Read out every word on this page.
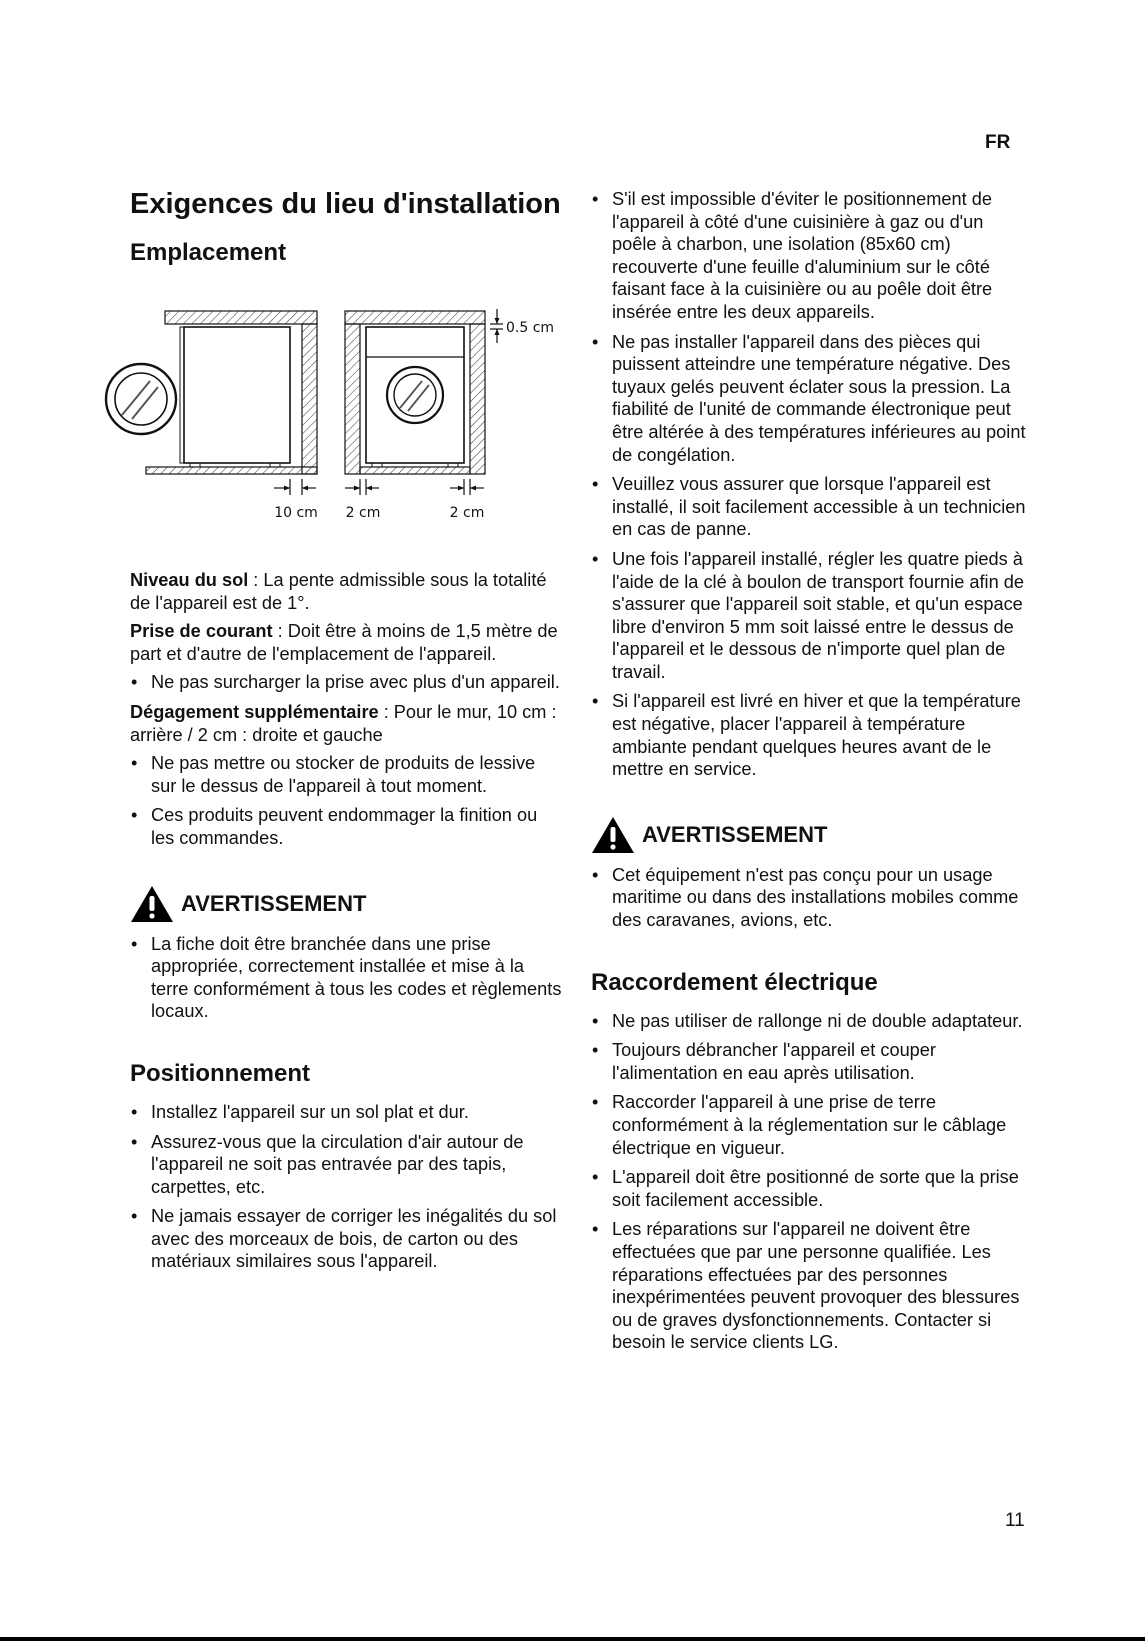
FR
Exigences du lieu d'installation
Emplacement
0.5 cm
10 cm 2 cm	2 cm

Niveau du sol : La pente admissible sous la totalité de l'appareil est de 1°.

Prise de courant : Doit être à moins de 1,5 mètre de part et d'autre de l'emplacement de l'appareil.

• Ne pas surcharger la prise avec plus d'un appareil.

Dégagement supplémentaire : Pour le mur, 10 cm : arrière / 2 cm : droite et gauche

• Ne pas mettre ou stocker de produits de lessive sur le dessus de l'appareil à tout moment.
• Ces produits peuvent endommager la finition ou les commandes.
AVERTISSEMENT
• La fiche doit être branchée dans une prise appropriée, correctement installée et mise à la terre conformément à tous les codes et règlements locaux.
Positionnement
• Installez l'appareil sur un sol plat et dur.
• Assurez-vous que la circulation d'air autour de l'appareil ne soit pas entravée par des tapis, carpettes, etc.
• Ne jamais essayer de corriger les inégalités du sol avec des morceaux de bois, de carton ou des matériaux similaires sous l'appareil.
• S'il est impossible d'éviter le positionnement de l'appareil à côté d'une cuisinière à gaz ou d'un poêle à charbon, une isolation (85x60 cm) recouverte d'une feuille d'aluminium sur le côté faisant face à la cuisinière ou au poêle doit être insérée entre les deux appareils.
• Ne pas installer l'appareil dans des pièces qui puissent atteindre une température négative. Des tuyaux gelés peuvent éclater sous la pression. La fiabilité de l'unité de commande électronique peut être altérée à des températures inférieures au point de congélation.
• Veuillez vous assurer que lorsque l'appareil est installé, il soit facilement accessible à un technicien en cas de panne.
• Une fois l'appareil installé, régler les quatre pieds à l'aide de la clé à boulon de transport fournie afin de s'assurer que l'appareil soit stable, et qu'un espace libre d'environ 5 mm soit laissé entre le dessus de l'appareil et le dessous de n'importe quel plan de travail.
• Si l'appareil est livré en hiver et que la température est négative, placer l'appareil à température ambiante pendant quelques heures avant de le mettre en service.
AVERTISSEMENT
• Cet équipement n'est pas conçu pour un usage maritime ou dans des installations mobiles comme des caravanes, avions, etc.
Raccordement électrique
• Ne pas utiliser de rallonge ni de double adaptateur.
• Toujours débrancher l'appareil et couper l'alimentation en eau après utilisation.
• Raccorder l'appareil à une prise de terre conformément à la réglementation sur le câblage électrique en vigueur.
• L'appareil doit être positionné de sorte que la prise soit facilement accessible.
• Les réparations sur l'appareil ne doivent être effectuées que par une personne qualifiée. Les réparations effectuées par des personnes inexpérimentées peuvent provoquer des blessures ou de graves dysfonctionnements. Contacter si besoin le service clients LG.
11
